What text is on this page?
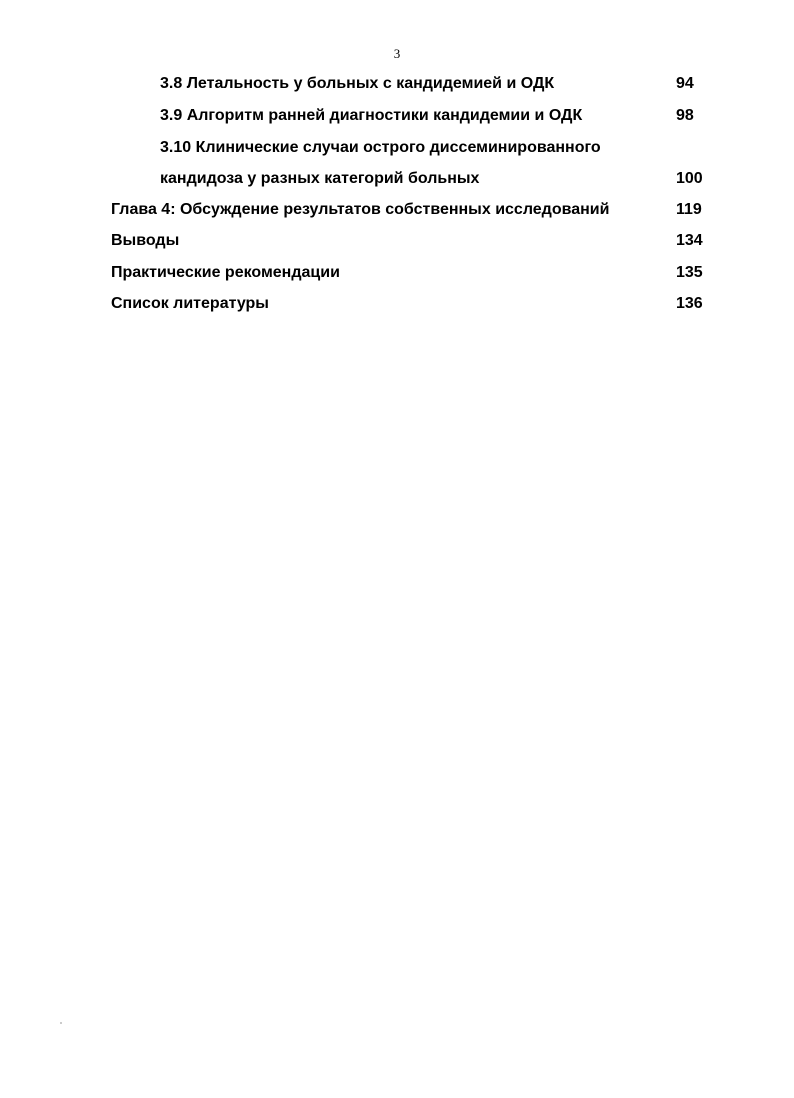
3
3.8 Летальность у больных с кандидемией и ОДК	94
3.9 Алгоритм ранней диагностики кандидемии и ОДК	98
3.10 Клинические случаи острого диссеминированного
кандидоза у разных категорий больных	100
Глава 4: Обсуждение результатов собственных исследований	119
Выводы	134
Практические рекомендации	135
Список литературы	136
